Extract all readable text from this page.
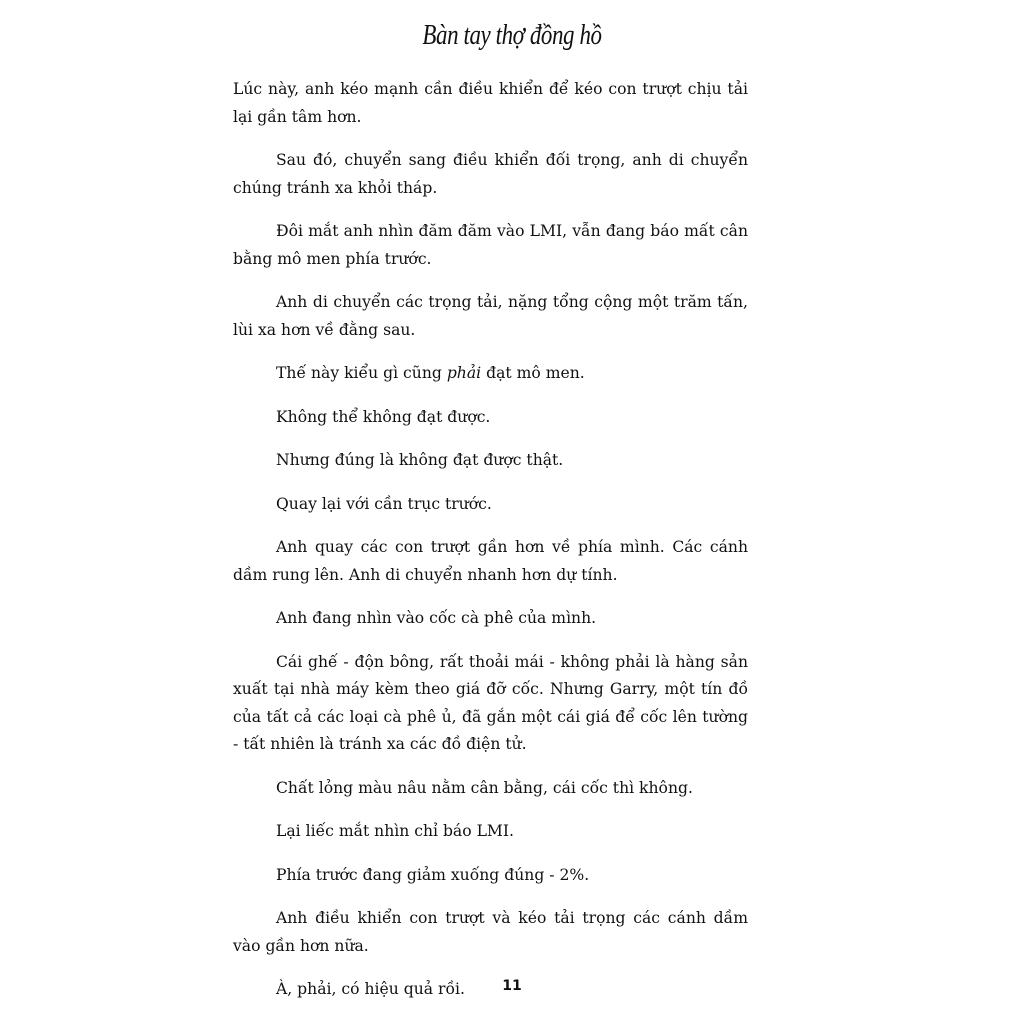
Bàn tay thợ đồng hồ

Lúc này, anh kéo mạnh cần điều khiển để kéo con trượt chịu tải lại gần tâm hơn.

Sau đó, chuyển sang điều khiển đối trọng, anh di chuyển chúng tránh xa khỏi tháp.

Đôi mắt anh nhìn đăm đăm vào LMI, vẫn đang báo mất cân bằng mô men phía trước.

Anh di chuyển các trọng tải, nặng tổng cộng một trăm tấn, lùi xa hơn về đằng sau.

Thế này kiểu gì cũng phải đạt mô men.

Không thể không đạt được.

Nhưng đúng là không đạt được thật.

Quay lại với cần trục trước.

Anh quay các con trượt gần hơn về phía mình. Các cánh dầm rung lên. Anh di chuyển nhanh hơn dự tính.

Anh đang nhìn vào cốc cà phê của mình.

Cái ghế - độn bông, rất thoải mái - không phải là hàng sản xuất tại nhà máy kèm theo giá đỡ cốc. Nhưng Garry, một tín đồ của tất cả các loại cà phê ủ, đã gắn một cái giá để cốc lên tường - tất nhiên là tránh xa các đồ điện tử.

Chất lỏng màu nâu nằm cân bằng, cái cốc thì không.

Lại liếc mắt nhìn chỉ báo LMI.

Phía trước đang giảm xuống đúng - 2%.

Anh điều khiển con trượt và kéo tải trọng các cánh dầm vào gần hơn nữa.

À, phải, có hiệu quả rồi.	11
